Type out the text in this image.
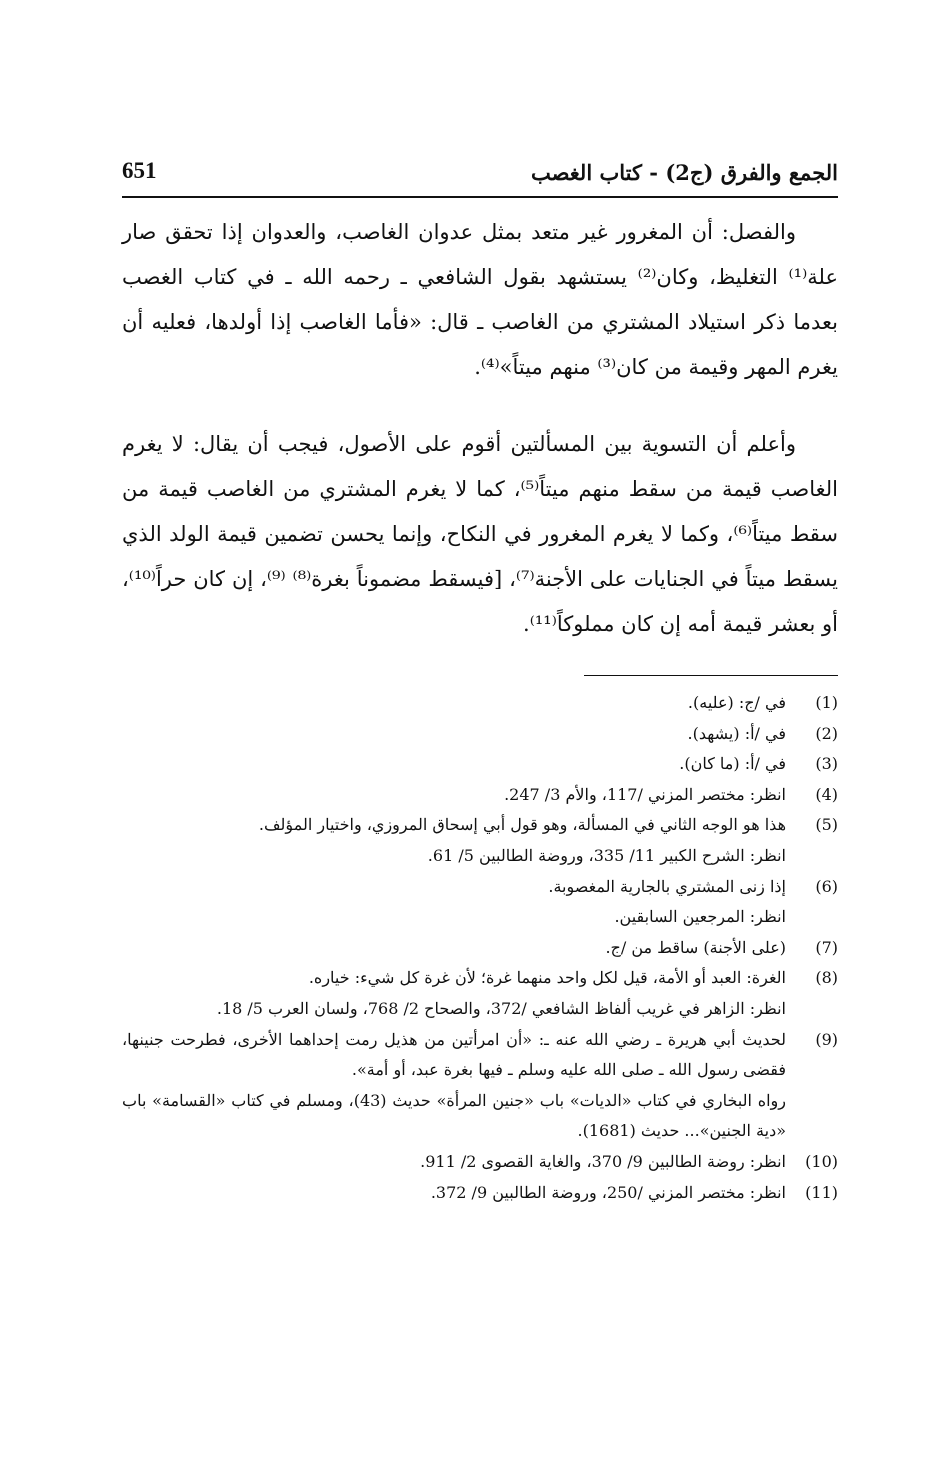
الجمع والفرق (ج2) - كتاب الغصب
651

والفصل: أن المغرور غير متعد بمثل عدوان الغاصب، والعدوان إذا تحقق صار علة⁽¹⁾ التغليظ، وكان⁽²⁾ يستشهد بقول الشافعي ـ رحمه الله ـ في كتاب الغصب بعدما ذكر استيلاد المشتري من الغاصب ـ قال: «فأما الغاصب إذا أولدها، فعليه أن يغرم المهر وقيمة من كان⁽³⁾ منهم ميتاً»⁽⁴⁾.

وأعلم أن التسوية بين المسألتين أقوم على الأصول، فيجب أن يقال: لا يغرم الغاصب قيمة من سقط منهم ميتاً⁽⁵⁾، كما لا يغرم المشتري من الغاصب قيمة من سقط ميتاً⁽⁶⁾، وكما لا يغرم المغرور في النكاح، وإنما يحسن تضمين قيمة الولد الذي يسقط ميتاً في الجنايات على الأجنة⁽⁷⁾، [فيسقط مضموناً بغرة⁽⁸⁾ ⁽⁹⁾، إن كان حراً⁽¹⁰⁾، أو بعشر قيمة أمه إن كان مملوكاً⁽¹¹⁾.

(1)
في /ج: (عليه).
(2)
في /أ: (يشهد).
(3)
في /أ: (ما كان).
(4)
انظر: مختصر المزني /117، والأم 3/ 247.
(5)
هذا هو الوجه الثاني في المسألة، وهو قول أبي إسحاق المروزي، واختيار المؤلف.
انظر: الشرح الكبير 11/ 335، وروضة الطالبين 5/ 61.
(6)
إذا زنى المشتري بالجارية المغصوبة.
انظر: المرجعين السابقين.
(7)
(على الأجنة) ساقط من /ج.
(8)
الغرة: العبد أو الأمة، قيل لكل واحد منهما غرة؛ لأن غرة كل شيء: خياره.
انظر: الزاهر في غريب ألفاظ الشافعي /372، والصحاح 2/ 768، ولسان العرب 5/ 18.
(9)
لحديث أبي هريرة ـ رضي الله عنه ـ: «أن امرأتين من هذيل رمت إحداهما الأخرى، فطرحت جنينها، فقضى رسول الله ـ صلى الله عليه وسلم ـ فيها بغرة عبد، أو أمة».
رواه البخاري في كتاب «الديات» باب «جنين المرأة» حديث (43)، ومسلم في كتاب «القسامة» باب «دية الجنين»... حديث (1681).
(10)
انظر: روضة الطالبين 9/ 370، والغاية القصوى 2/ 911.
(11)
انظر: مختصر المزني /250، وروضة الطالبين 9/ 372.
